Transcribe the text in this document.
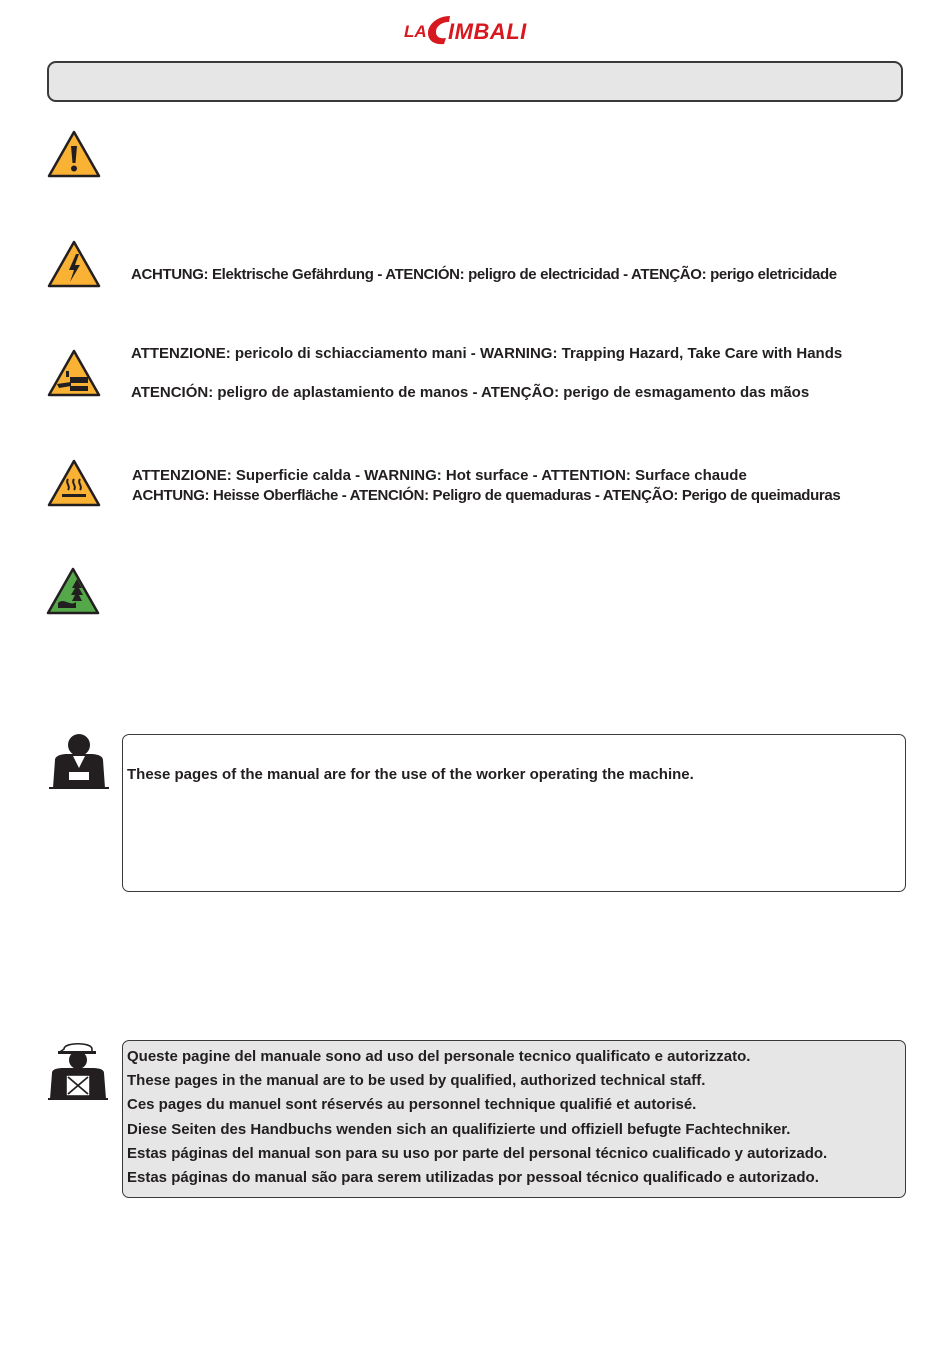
LA IMBALI
ACHTUNG: Elektrische Gefährdung - ATENCIÓN: peligro de electricidad - ATENÇÃO: perigo eletricidade
ATTENZIONE: pericolo di schiacciamento mani - WARNING: Trapping Hazard, Take Care with Hands
ATENCIÓN: peligro de aplastamiento de manos - ATENÇÃO: perigo de esmagamento das mãos
ATTENZIONE: Superficie calda - WARNING: Hot surface - ATTENTION: Surface chaude
ACHTUNG: Heisse Oberfläche - ATENCIÓN: Peligro de quemaduras - ATENÇÃO: Perigo de queimaduras
These pages of the manual are for the use of the worker operating the machine.
Queste pagine del manuale sono ad uso del personale tecnico qualificato e autorizzato.
These pages in the manual are to be used by qualified, authorized technical staff.
Ces pages du manuel sont réservés au personnel technique qualifié et autorisé.
Diese Seiten des Handbuchs wenden sich an qualifizierte und offiziell befugte Fachtechniker.
Estas páginas del manual son para su uso por parte del personal técnico cualificado y autorizado.
Estas páginas do manual são para serem utilizadas por pessoal técnico qualificado e autorizado.
